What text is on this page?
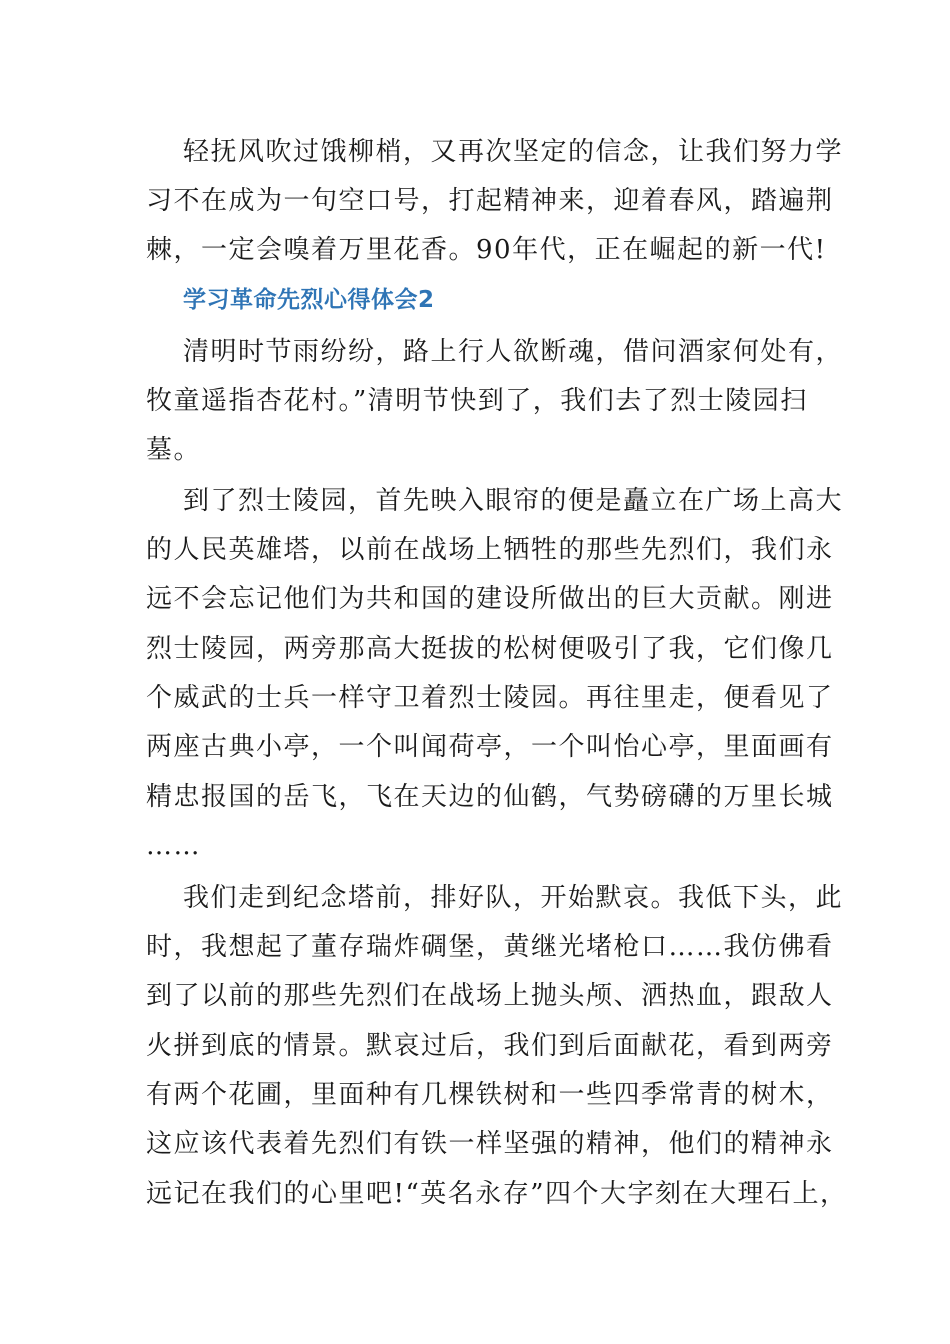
轻抚风吹过饿柳梢，又再次坚定的信念，让我们努力学
习不在成为一句空口号，打起精神来，迎着春风，踏遍荆
棘，一定会嗅着万里花香。90年代，正在崛起的新一代!
学习革命先烈心得体会2
清明时节雨纷纷，路上行人欲断魂，借问酒家何处有，
牧童遥指杏花村。”清明节快到了，我们去了烈士陵园扫
墓。
到了烈士陵园，首先映入眼帘的便是矗立在广场上高大
的人民英雄塔，以前在战场上牺牲的那些先烈们，我们永
远不会忘记他们为共和国的建设所做出的巨大贡献。刚进
烈士陵园，两旁那高大挺拔的松树便吸引了我，它们像几
个威武的士兵一样守卫着烈士陵园。再往里走，便看见了
两座古典小亭，一个叫闻荷亭，一个叫怡心亭，里面画有
精忠报国的岳飞，飞在天边的仙鹤，气势磅礴的万里长城
……
我们走到纪念塔前，排好队，开始默哀。我低下头，此
时，我想起了董存瑞炸碉堡，黄继光堵枪口……我仿佛看
到了以前的那些先烈们在战场上抛头颅、洒热血，跟敌人
火拼到底的情景。默哀过后，我们到后面献花，看到两旁
有两个花圃，里面种有几棵铁树和一些四季常青的树木，
这应该代表着先烈们有铁一样坚强的精神，他们的精神永
远记在我们的心里吧!“英名永存”四个大字刻在大理石上，
